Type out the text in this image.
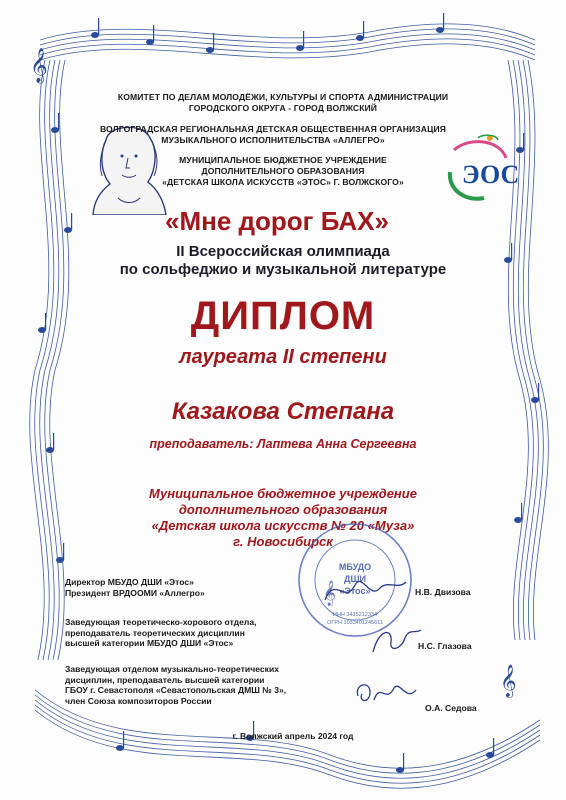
𝄞
𝄞
ЭОС
КОМИТЕТ ПО ДЕЛАМ МОЛОДЁЖИ, КУЛЬТУРЫ И СПОРТА АДМИНИСТРАЦИИ
ГОРОДСКОГО ОКРУГА - ГОРОД ВОЛЖСКИЙ
ВОЛГОГРАДСКАЯ РЕГИОНАЛЬНАЯ ДЕТСКАЯ ОБЩЕСТВЕННАЯ ОРГАНИЗАЦИЯ
МУЗЫКАЛЬНОГО ИСПОЛНИТЕЛЬСТВА «АЛЛЕГРО»
МУНИЦИПАЛЬНОЕ БЮДЖЕТНОЕ УЧРЕЖДЕНИЕ
ДОПОЛНИТЕЛЬНОГО ОБРАЗОВАНИЯ
«ДЕТСКАЯ ШКОЛА ИСКУССТВ «ЭТОС» Г. ВОЛЖСКОГО»
«Мне дорог БАХ»
II Всероссийская олимпиада
по сольфеджио и музыкальной литературе
ДИПЛОМ
лауреата II степени
Казакова Степана
преподаватель: Лаптева Анна Сергеевна
Муниципальное бюджетное учреждение
дополнительного образования
«Детская школа искусств № 20 «Муза»
г. Новосибирск
МБУДО
ДШИ
«Этос»
ИНН 3435212334
ОГРН 1033401245611
𝄞
Директор МБУДО ДШИ «Этос»
Президент ВРДООМИ «Аллегро»	Н.В. Двизова
Заведующая теоретическо-хорового отдела,
преподаватель теоретических дисциплин
высшей категории МБУДО ДШИ «Этос»	Н.С. Глазова
Заведующая отделом музыкально-теоретических
дисциплин, преподаватель высшей категории
ГБОУ г. Севастополя «Севастопольская ДМШ № 3»,
член Союза композиторов России
О.А. Седова
г. Волжский апрель 2024 год
